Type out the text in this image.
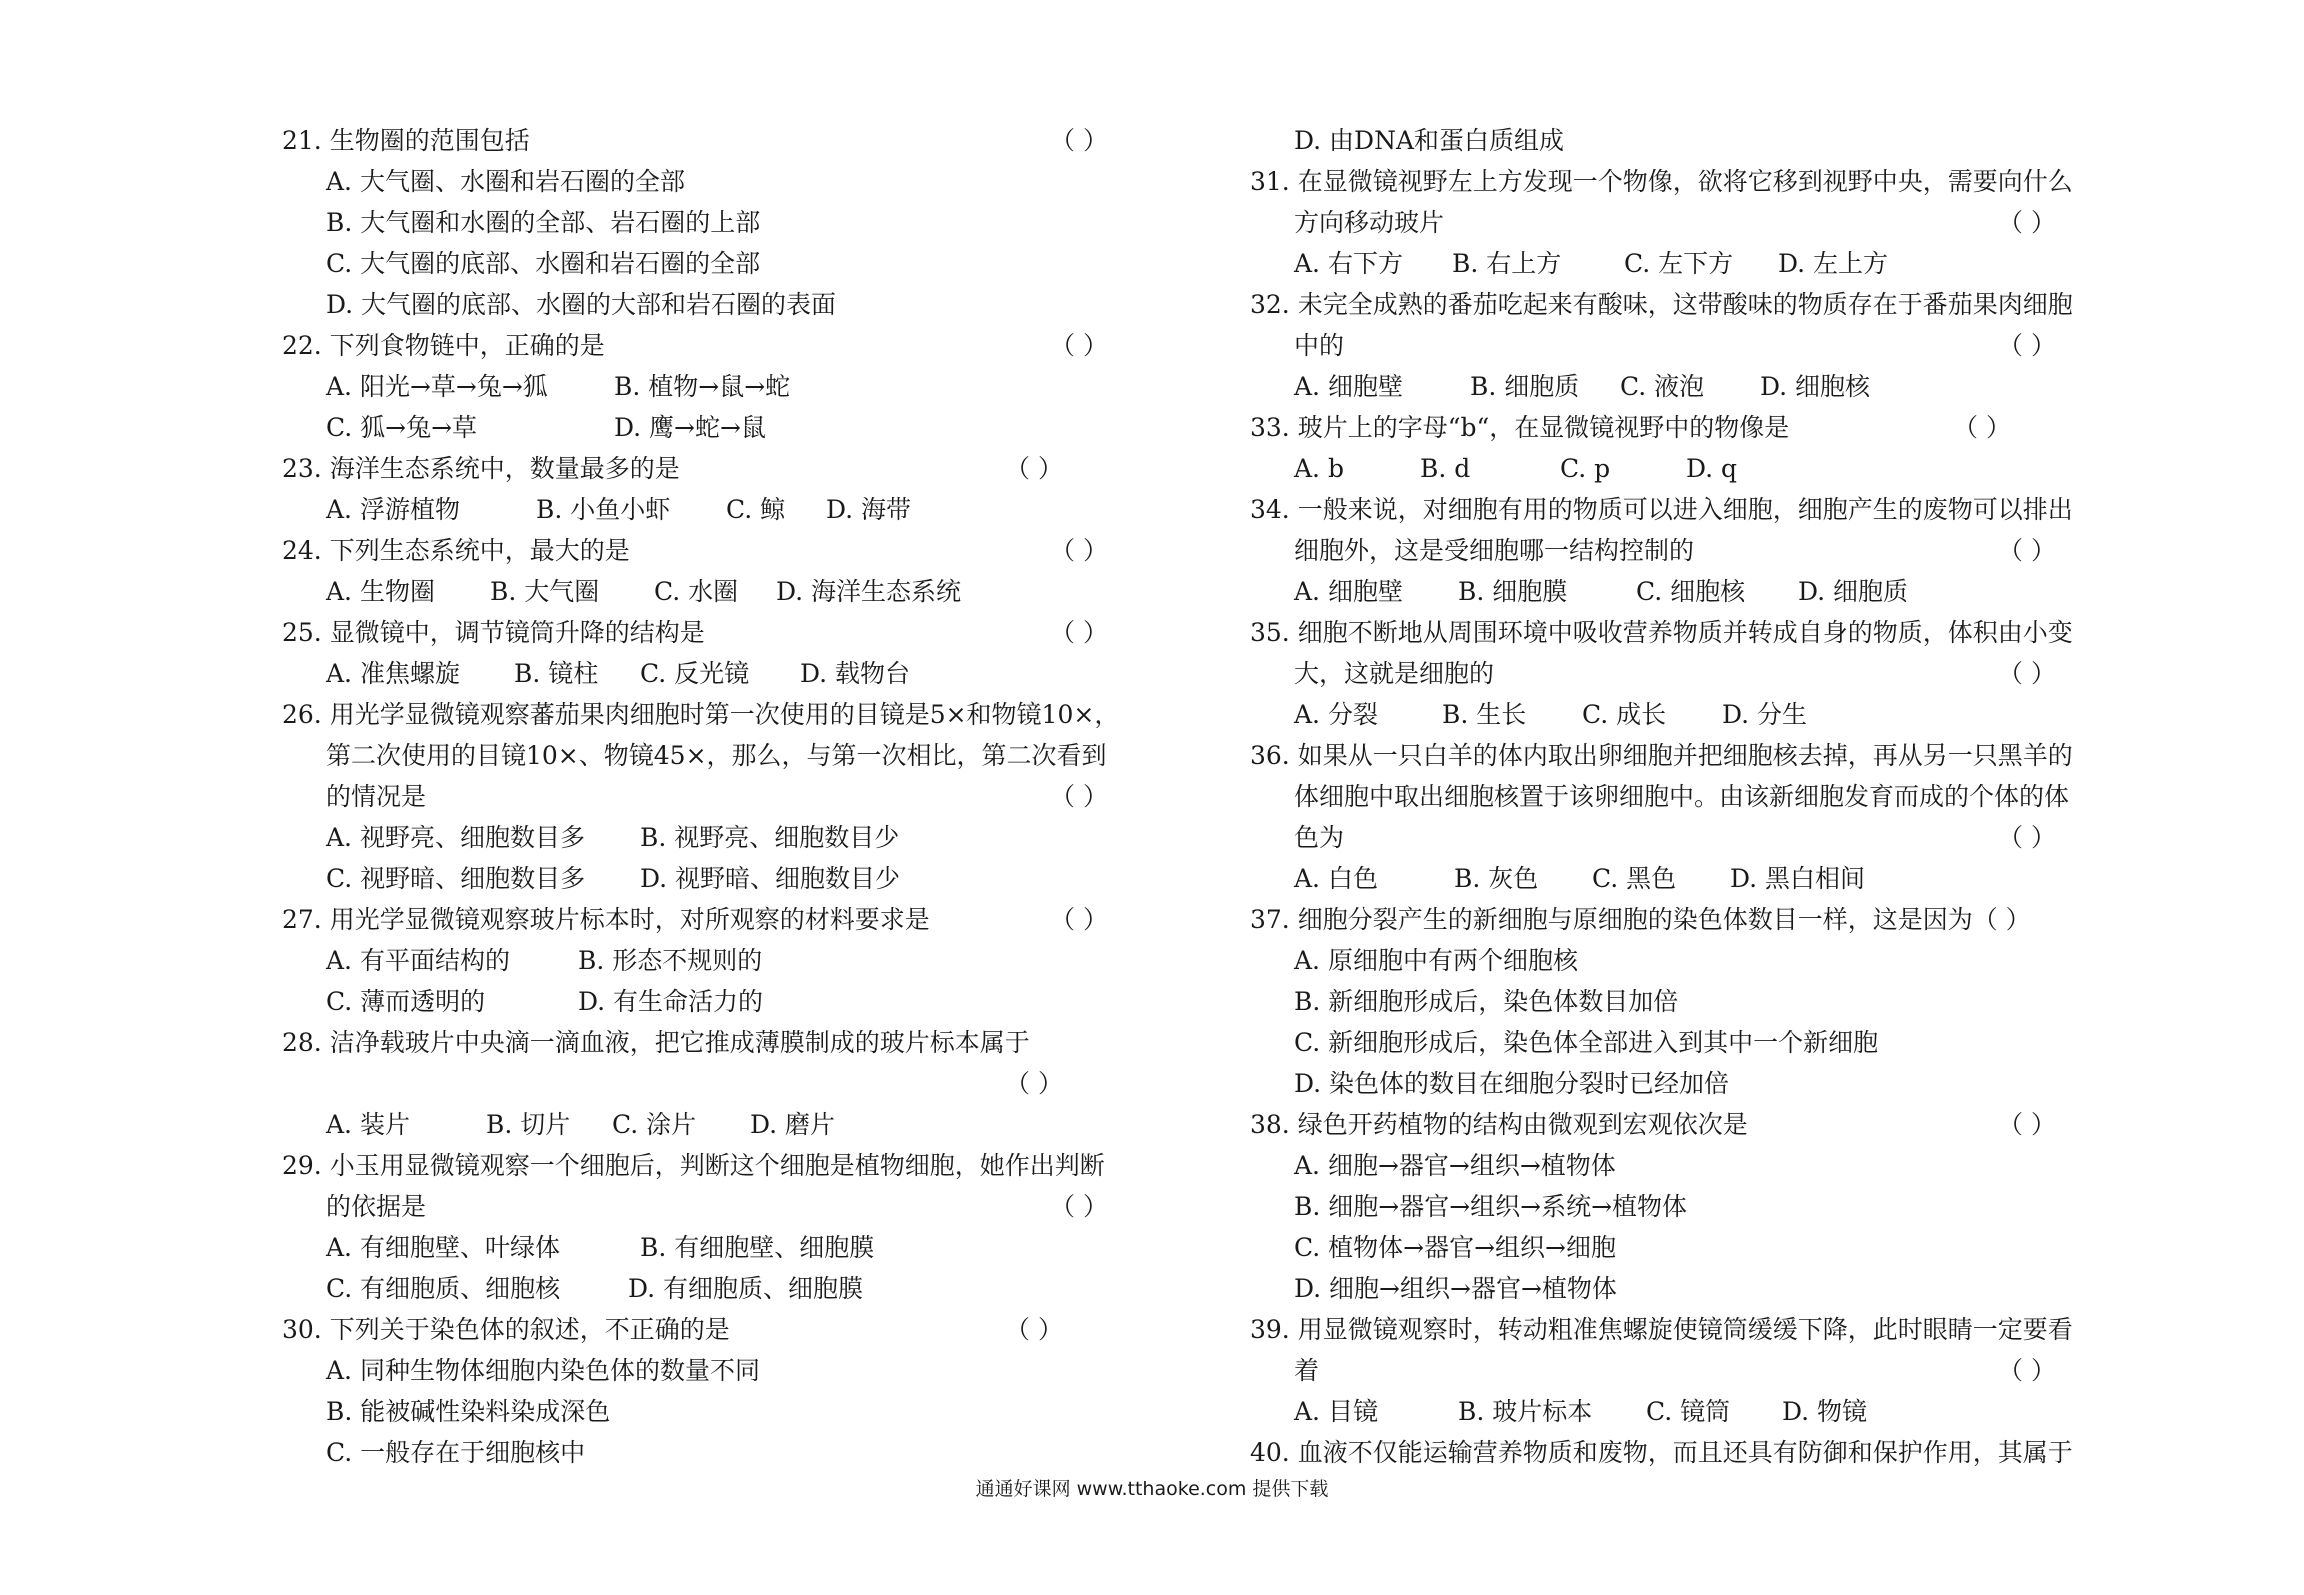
21. 生物圈的范围包括	（ ）
A. 大气圈、水圈和岩石圈的全部
B. 大气圈和水圈的全部、岩石圈的上部
C. 大气圈的底部、水圈和岩石圈的全部
D. 大气圈的底部、水圈的大部和岩石圈的表面
22. 下列食物链中，正确的是	（ ）
A. 阳光→草→兔→狐	B. 植物→鼠→蛇
C. 狐→兔→草	D. 鹰→蛇→鼠
23. 海洋生态系统中，数量最多的是	（ ）
A. 浮游植物	B. 小鱼小虾 C. 鲸 D. 海带
24. 下列生态系统中，最大的是	（ ）
A. 生物圈 B. 大气圈 C. 水圈 D. 海洋生态系统
25. 显微镜中，调节镜筒升降的结构是	（ ）
A. 准焦螺旋 B. 镜柱 C. 反光镜 D. 载物台
26. 用光学显微镜观察蕃茄果肉细胞时第一次使用的目镜是5×和物镜10×，
第二次使用的目镜10×、物镜45×，那么，与第一次相比，第二次看到
的情况是	（ ）
A. 视野亮、细胞数目多 B. 视野亮、细胞数目少
C. 视野暗、细胞数目多 D. 视野暗、细胞数目少
27. 用光学显微镜观察玻片标本时，对所观察的材料要求是	（ ）
A. 有平面结构的	B. 形态不规则的
C. 薄而透明的	D. 有生命活力的
28. 洁净载玻片中央滴一滴血液，把它推成薄膜制成的玻片标本属于
（ ）
A. 装片	B. 切片 C. 涂片 D. 磨片
29. 小玉用显微镜观察一个细胞后，判断这个细胞是植物细胞，她作出判断
的依据是	（ ）
A. 有细胞壁、叶绿体	B. 有细胞壁、细胞膜
C. 有细胞质、细胞核	D. 有细胞质、细胞膜
30. 下列关于染色体的叙述，不正确的是	（ ）
A. 同种生物体细胞内染色体的数量不同
B. 能被碱性染料染成深色
C. 一般存在于细胞核中
D. 由DNA和蛋白质组成
31. 在显微镜视野左上方发现一个物像，欲将它移到视野中央，需要向什么
方向移动玻片	（ ）
A. 右下方 B. 右上方	C. 左下方 D. 左上方
32. 未完全成熟的番茄吃起来有酸味，这带酸味的物质存在于番茄果肉细胞
中的	（ ）
A. 细胞壁	B. 细胞质 C. 液泡 D. 细胞核
33. 玻片上的字母“b“，在显微镜视野中的物像是	（ ）
A. b	B. d	C. p	D. q
34. 一般来说，对细胞有用的物质可以进入细胞，细胞产生的废物可以排出
细胞外，这是受细胞哪一结构控制的	（ ）
A. 细胞壁 B. 细胞膜	C. 细胞核 D. 细胞质
35. 细胞不断地从周围环境中吸收营养物质并转成自身的物质，体积由小变
大，这就是细胞的	（ ）
A. 分裂	B. 生长 C. 成长 D. 分生
36. 如果从一只白羊的体内取出卵细胞并把细胞核去掉，再从另一只黑羊的
体细胞中取出细胞核置于该卵细胞中。由该新细胞发育而成的个体的体
色为	（ ）
A. 白色	B. 灰色 C. 黑色 D. 黑白相间
37. 细胞分裂产生的新细胞与原细胞的染色体数目一样，这是因为（ ）
A. 原细胞中有两个细胞核
B. 新细胞形成后，染色体数目加倍
C. 新细胞形成后，染色体全部进入到其中一个新细胞
D. 染色体的数目在细胞分裂时已经加倍
38. 绿色开药植物的结构由微观到宏观依次是	（ ）
A. 细胞→器官→组织→植物体
B. 细胞→器官→组织→系统→植物体
C. 植物体→器官→组织→细胞
D. 细胞→组织→器官→植物体
39. 用显微镜观察时，转动粗准焦螺旋使镜筒缓缓下降，此时眼睛一定要看
着	（ ）
A. 目镜	B. 玻片标本 C. 镜筒 D. 物镜
40. 血液不仅能运输营养物质和废物，而且还具有防御和保护作用，其属于
通通好课网 www.tthaoke.com 提供下载
